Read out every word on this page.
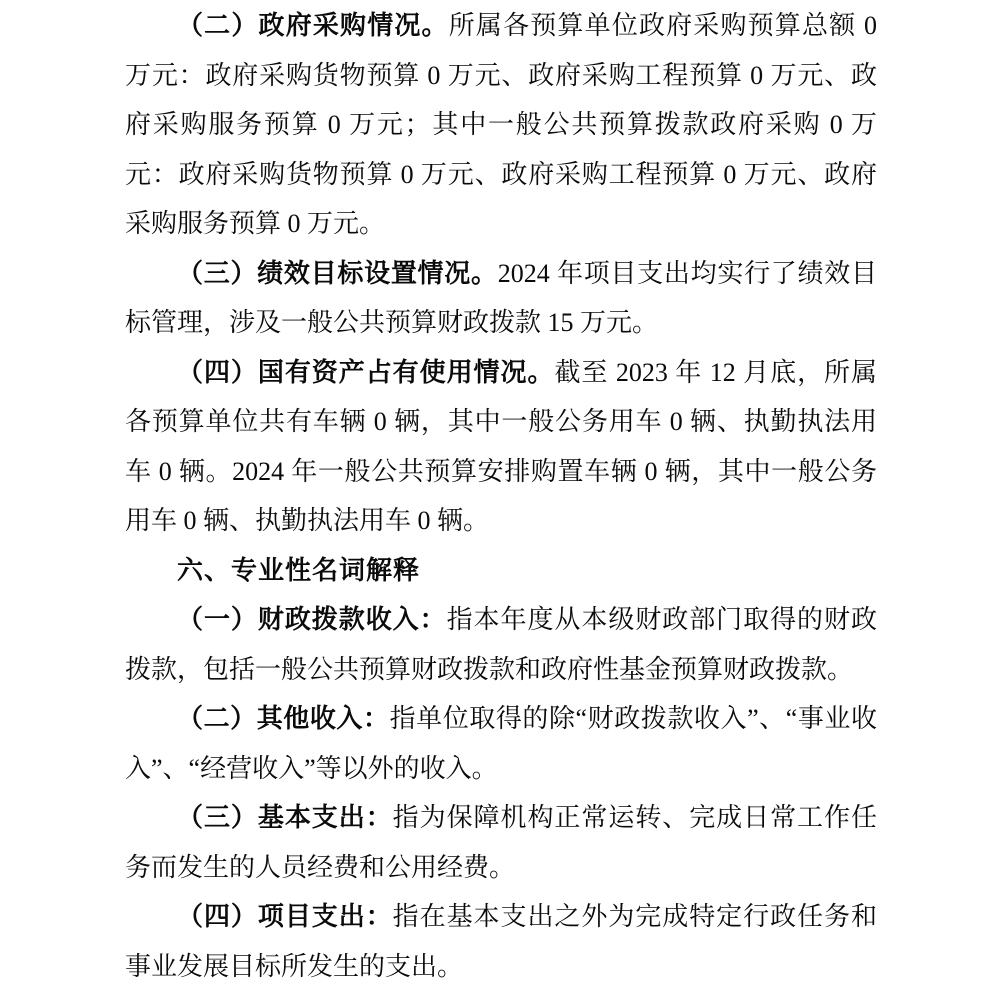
（二）政府采购情况。所属各预算单位政府采购预算总额 0 万元：政府采购货物预算 0 万元、政府采购工程预算 0 万元、政府采购服务预算 0 万元；其中一般公共预算拨款政府采购 0 万元：政府采购货物预算 0 万元、政府采购工程预算 0 万元、政府采购服务预算 0 万元。

（三）绩效目标设置情况。2024 年项目支出均实行了绩效目标管理，涉及一般公共预算财政拨款 15 万元。

（四）国有资产占有使用情况。截至 2023 年 12 月底，所属各预算单位共有车辆 0 辆，其中一般公务用车 0 辆、执勤执法用车 0 辆。2024 年一般公共预算安排购置车辆 0 辆，其中一般公务用车 0 辆、执勤执法用车 0 辆。

六、专业性名词解释

（一）财政拨款收入：指本年度从本级财政部门取得的财政拨款，包括一般公共预算财政拨款和政府性基金预算财政拨款。

（二）其他收入：指单位取得的除“财政拨款收入”、“事业收入”、“经营收入”等以外的收入。

（三）基本支出：指为保障机构正常运转、完成日常工作任务而发生的人员经费和公用经费。

（四）项目支出：指在基本支出之外为完成特定行政任务和事业发展目标所发生的支出。
